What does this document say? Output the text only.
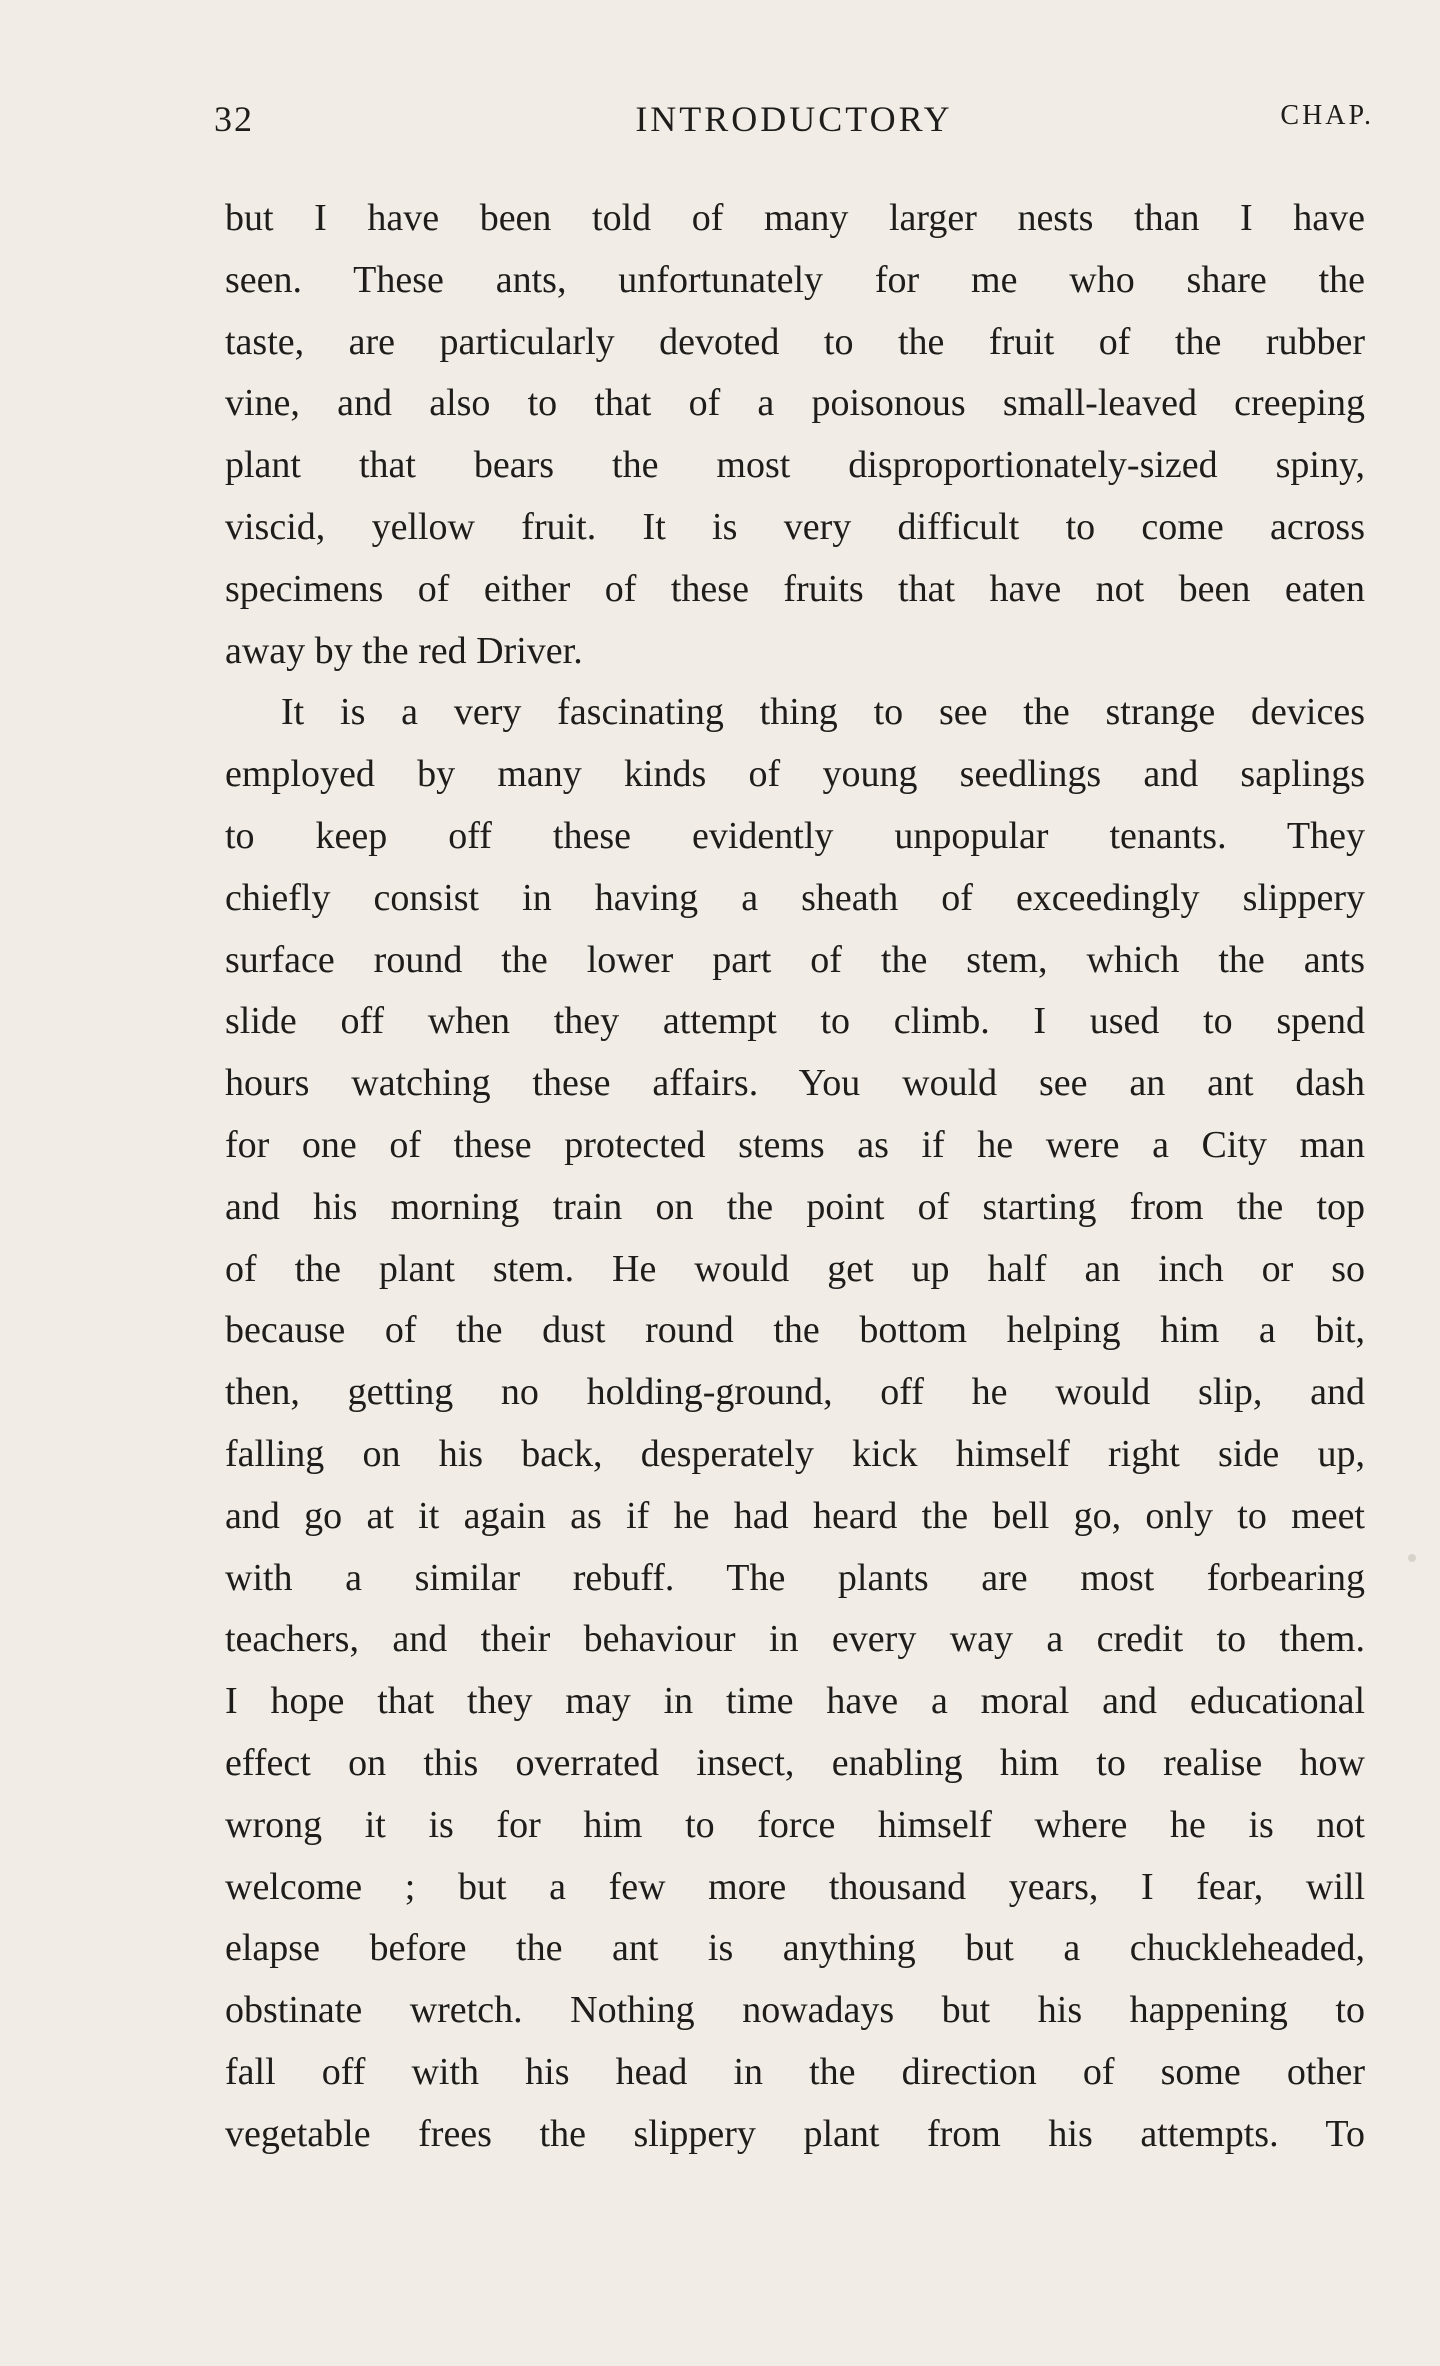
32	INTRODUCTORY	CHAP.
but I have been told of many larger nests than I have
seen. These ants, unfortunately for me who share the
taste, are particularly devoted to the fruit of the rubber
vine, and also to that of a poisonous small-leaved creeping
plant that bears the most disproportionately-sized spiny,
viscid, yellow fruit. It is very difficult to come across
specimens of either of these fruits that have not been eaten
away by the red Driver.
It is a very fascinating thing to see the strange devices
employed by many kinds of young seedlings and saplings
to keep off these evidently unpopular tenants. They
chiefly consist in having a sheath of exceedingly slippery
surface round the lower part of the stem, which the ants
slide off when they attempt to climb. I used to spend
hours watching these affairs. You would see an ant dash
for one of these protected stems as if he were a City man
and his morning train on the point of starting from the top
of the plant stem. He would get up half an inch or so
because of the dust round the bottom helping him a bit,
then, getting no holding-ground, off he would slip, and
falling on his back, desperately kick himself right side up,
and go at it again as if he had heard the bell go, only to meet
with a similar rebuff. The plants are most forbearing
teachers, and their behaviour in every way a credit to them.
I hope that they may in time have a moral and educational
effect on this overrated insect, enabling him to realise how
wrong it is for him to force himself where he is not
welcome ; but a few more thousand years, I fear, will
elapse before the ant is anything but a chuckleheaded,
obstinate wretch. Nothing nowadays but his happening to
fall off with his head in the direction of some other
vegetable frees the slippery plant from his attempts. To
